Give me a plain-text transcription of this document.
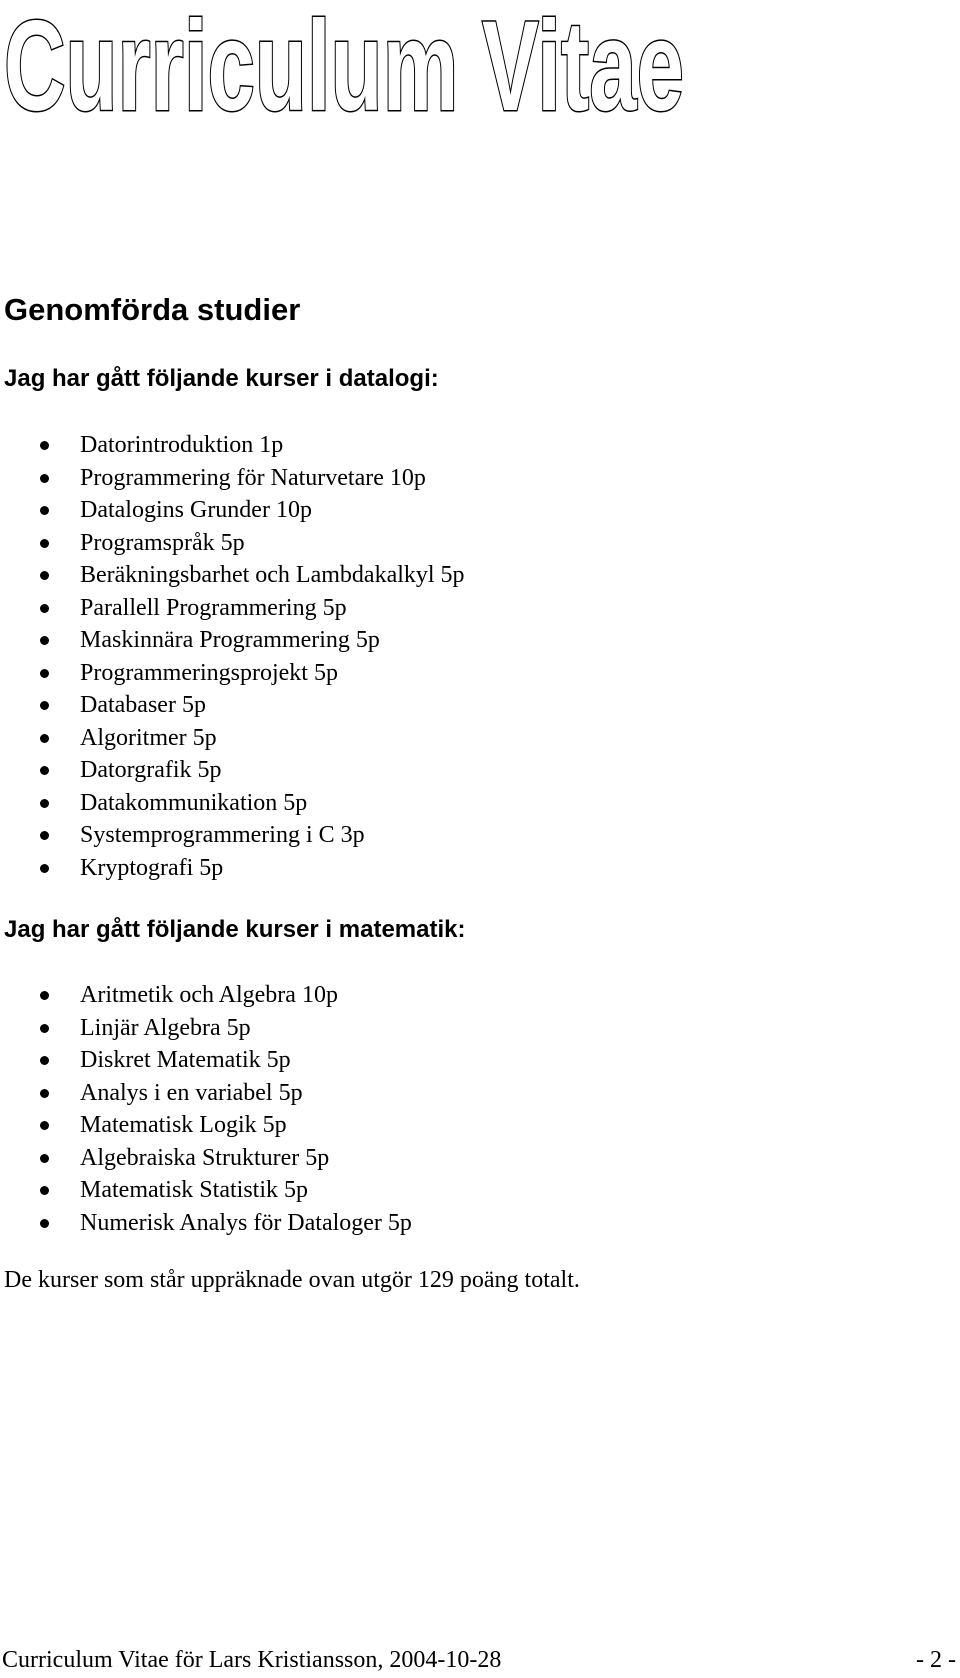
Curriculum Vitae
Genomförda studier
Jag har gått följande kurser i datalogi:
Datorintroduktion 1p
Programmering för Naturvetare 10p
Datalogins Grunder 10p
Programspråk 5p
Beräkningsbarhet och Lambdakalkyl 5p
Parallell Programmering 5p
Maskinnära Programmering 5p
Programmeringsprojekt 5p
Databaser 5p
Algoritmer 5p
Datorgrafik 5p
Datakommunikation 5p
Systemprogrammering i C 3p
Kryptografi 5p
Jag har gått följande kurser i matematik:
Aritmetik och Algebra 10p
Linjär Algebra 5p
Diskret Matematik 5p
Analys i en variabel 5p
Matematisk Logik 5p
Algebraiska Strukturer 5p
Matematisk Statistik 5p
Numerisk Analys för Dataloger 5p

De kurser som står uppräknade ovan utgör 129 poäng totalt.

Curriculum Vitae för Lars Kristiansson, 2004-10-28	- 2 -
